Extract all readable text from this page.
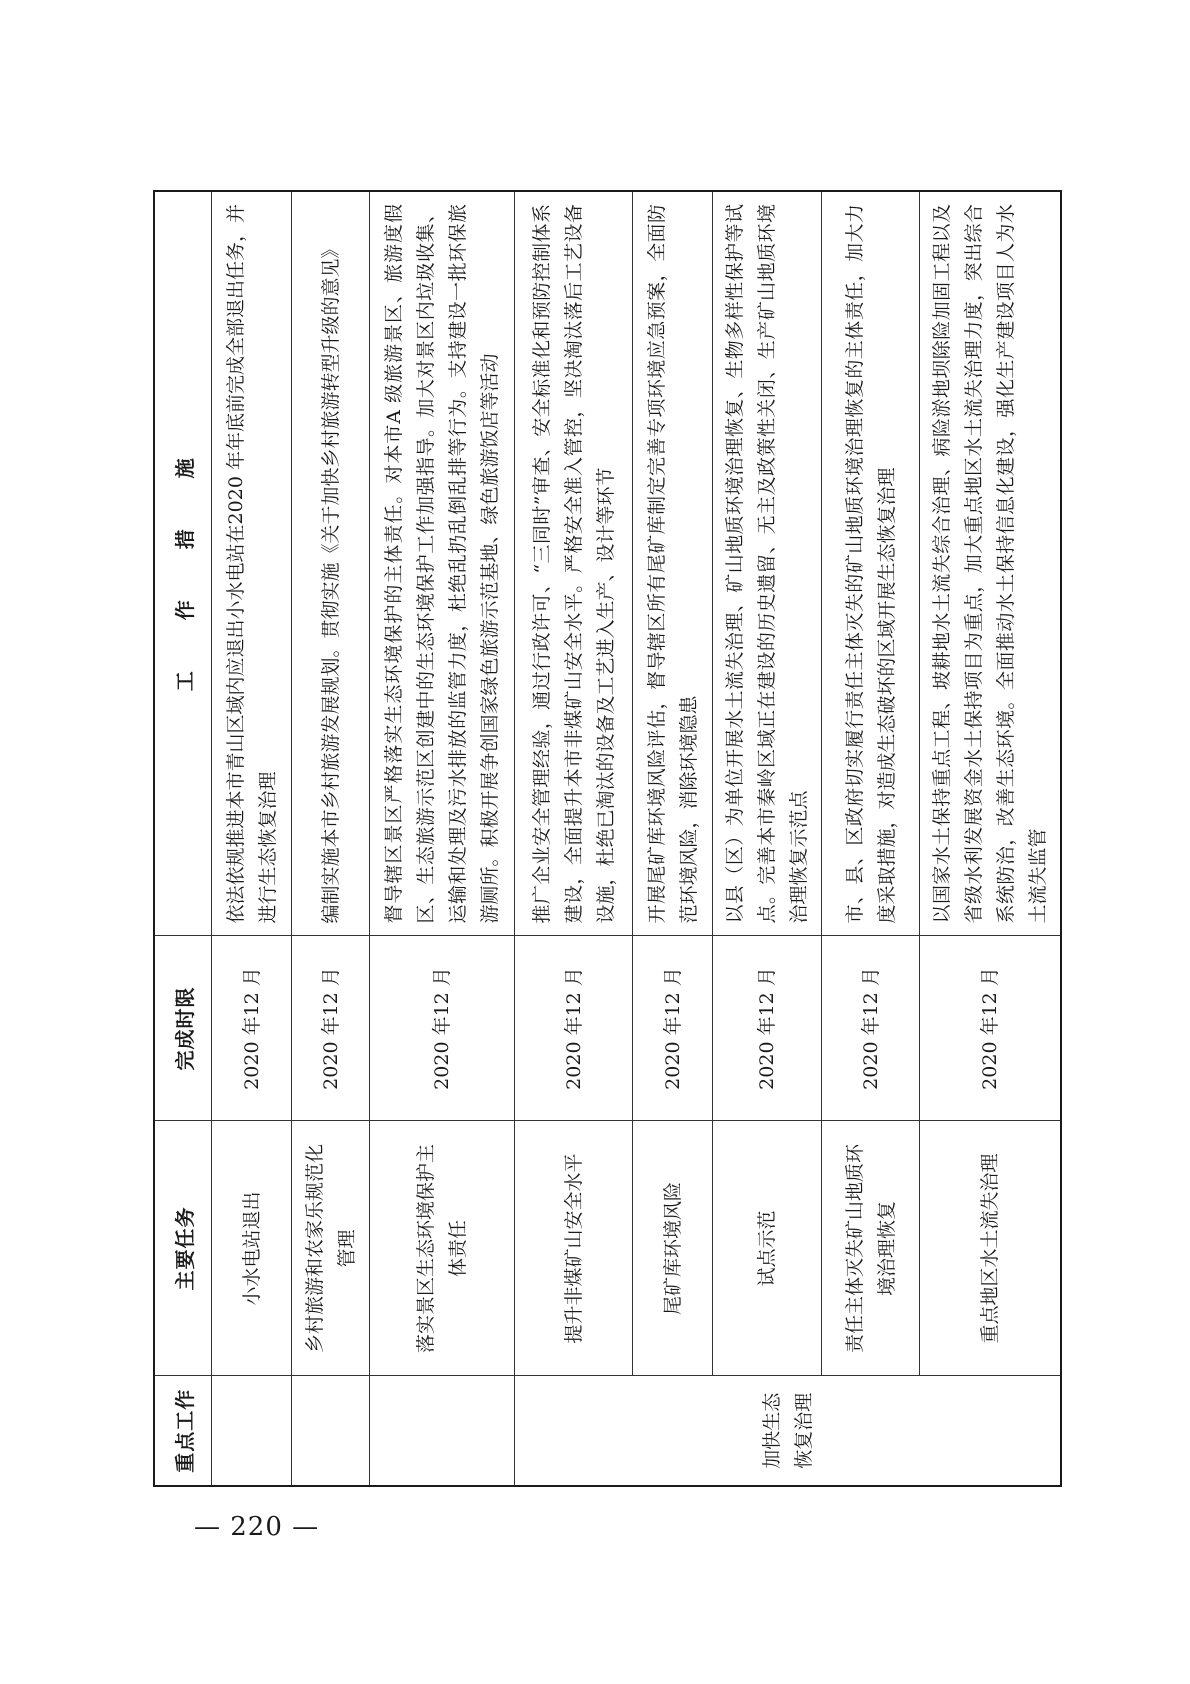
重点工作	主要任务	完成时限	工 作 措 施
	小水电站退出	2020 年12 月	依法依规推进本市青山区域内应退出小水电站在2020 年年底前完成全部退出任务，并进行生态恢复治理
	乡村旅游和农家乐规范化管理	2020 年12 月	编制实施本市乡村旅游发展规划。贯彻实施《关于加快乡村旅游转型升级的意见》
	落实景区生态环境保护主体责任	2020 年12 月	督导辖区景区严格落实生态环境保护的主体责任。对本市A 级旅游景区、旅游度假区、生态旅游示范区创建中的生态环境保护工作加强指导。加大对景区内垃圾收集、运输和处理及污水排放的监管力度，杜绝乱扔乱倒乱排等行为。支持建设一批环保旅游厕所。积极开展争创国家绿色旅游示范基地、绿色旅游饭店等活动
加快生态恢复治理	提升非煤矿山安全水平	2020 年12 月	推广企业安全管理经验，通过行政许可、“三同时”审查、安全标准化和预防控制体系建设，全面提升本市非煤矿山安全水平。严格安全准入管控，坚决淘汰落后工艺设备设施，杜绝已淘汰的设备及工艺进入生产、设计等环节
	尾矿库环境风险	2020 年12 月	开展尾矿库环境风险评估，督导辖区所有尾矿库制定完善专项环境应急预案，全面防范环境风险，消除环境隐患
	试点示范	2020 年12 月	以县（区）为单位开展水土流失治理、矿山地质环境治理恢复、生物多样性保护等试点。完善本市秦岭区域正在建设的历史遗留、无主及政策性关闭、生产矿山地质环境治理恢复示范点
	责任主体灭失矿山地质环境治理恢复	2020 年12 月	市、县、区政府切实履行责任主体灭失的矿山地质环境治理恢复的主体责任，加大力度采取措施，对造成生态破坏的区域开展生态恢复治理
	重点地区水土流失治理	2020 年12 月	以国家水土保持重点工程、坡耕地水土流失综合治理、病险淤地坝除险加固工程以及省级水利发展资金水土保持项目为重点，加大重点地区水土流失治理力度，突出综合系统防治，改善生态环境。全面推动水土保持信息化建设，强化生产建设项目人为水土流失监管
— 220 —
